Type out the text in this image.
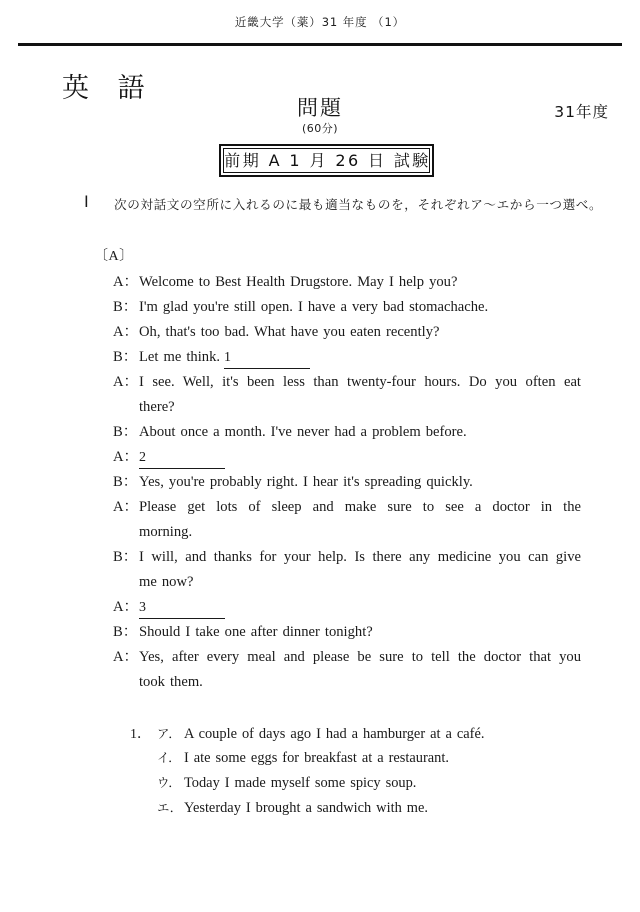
近畿大学（薬）31 年度 （1）
英 語
問題
(60分)
31年度
前期 A 1 月 26 日 試験
Ⅰ 次の対話文の空所に入れるのに最も適当なものを，それぞれア～エから一つ選べ。
〔A〕
A： Welcome to Best Health Drugstore. May I help you?
B： I'm glad you're still open. I have a very bad stomachache.
A： Oh, that's too bad. What have you eaten recently?
B： Let me think. 1
A： I see. Well, it's been less than twenty-four hours. Do you often eat
there?
B： About once a month. I've never had a problem before.
A： 2
B： Yes, you're probably right. I hear it's spreading quickly.
A： Please get lots of sleep and make sure to see a doctor in the
morning.
B： I will, and thanks for your help. Is there any medicine you can give
me now?
A： 3
B： Should I take one after dinner tonight?
A： Yes, after every meal and please be sure to tell the doctor that you
took them.
1． ア． A couple of days ago I had a hamburger at a café.
イ． I ate some eggs for breakfast at a restaurant.
ウ． Today I made myself some spicy soup.
エ． Yesterday I brought a sandwich with me.
